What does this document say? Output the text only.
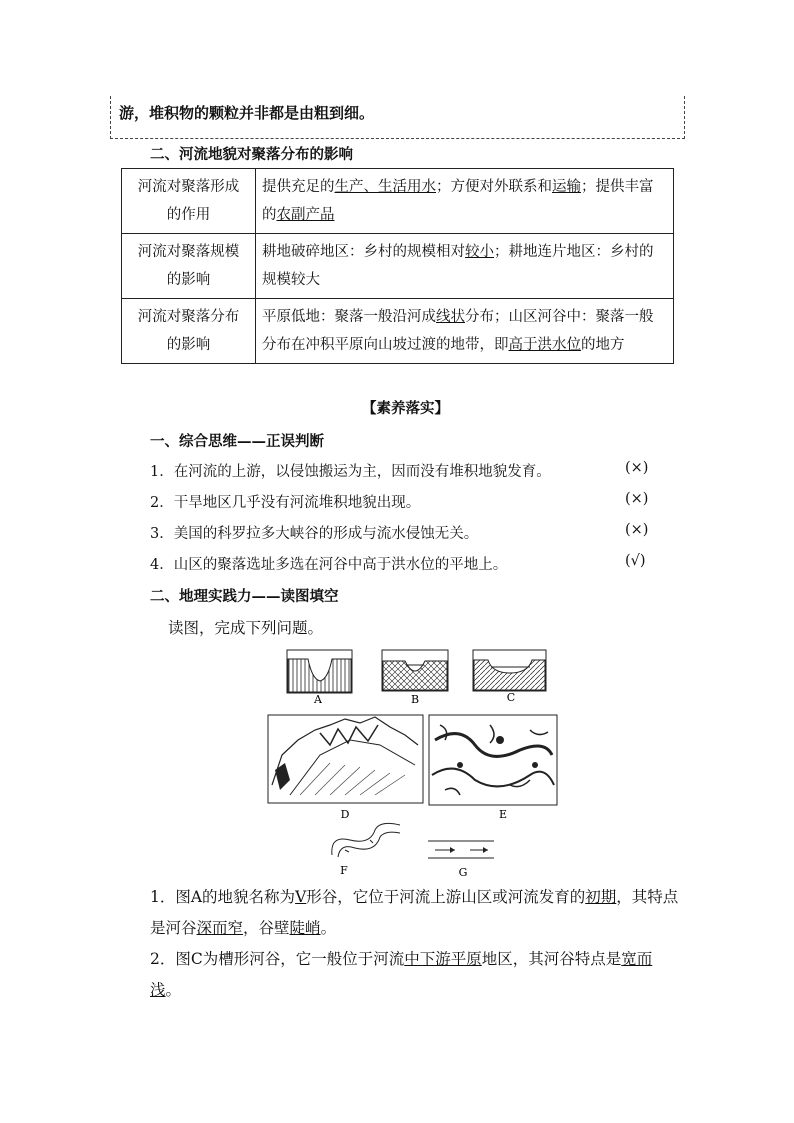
游，堆积物的颗粒并非都是由粗到细。
二、河流地貌对聚落分布的影响
河流对聚落形成
的作用	提供充足的生产、生活用水；方便对外联系和运输；提供丰富的农副产品
河流对聚落规模
的影响	耕地破碎地区：乡村的规模相对较小；耕地连片地区：乡村的规模较大
河流对聚落分布
的影响	平原低地：聚落一般沿河成线状分布；山区河谷中：聚落一般分布在冲积平原向山坡过渡的地带，即高于洪水位的地方
【素养落实】
一、综合思维——正误判断
1．在河流的上游，以侵蚀搬运为主，因而没有堆积地貌发育。	(×)
2．干旱地区几乎没有河流堆积地貌出现。	(×)
3．美国的科罗拉多大峡谷的形成与流水侵蚀无关。	(×)
4．山区的聚落选址多选在河谷中高于洪水位的平地上。	(√)
二、地理实践力——读图填空
读图，完成下列问题。
A	B	C
D	E
F	G
1．图A的地貌名称为V形谷，它位于河流上游山区或河流发育的初期，其特点是河谷深而窄，谷壁陡峭。
2．图C为槽形河谷，它一般位于河流中下游平原地区，其河谷特点是宽而浅。
